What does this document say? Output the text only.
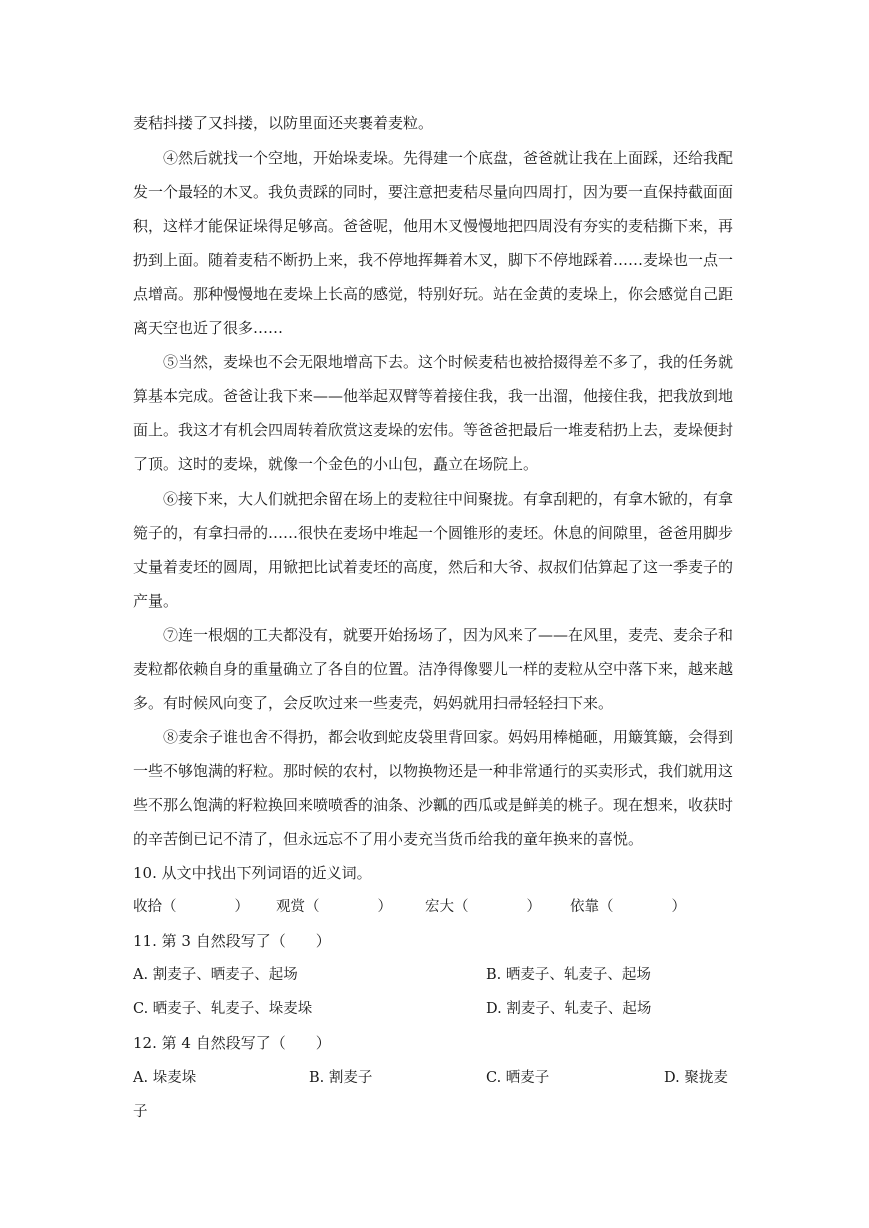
麦秸抖搂了又抖搂，以防里面还夹裹着麦粒。
④然后就找一个空地，开始垛麦垛。先得建一个底盘，爸爸就让我在上面踩，还给我配
发一个最轻的木叉。我负责踩的同时，要注意把麦秸尽量向四周打，因为要一直保持截面面
积，这样才能保证垛得足够高。爸爸呢，他用木叉慢慢地把四周没有夯实的麦秸撕下来，再
扔到上面。随着麦秸不断扔上来，我不停地挥舞着木叉，脚下不停地踩着……麦垛也一点一
点增高。那种慢慢地在麦垛上长高的感觉，特别好玩。站在金黄的麦垛上，你会感觉自己距
离天空也近了很多……
⑤当然，麦垛也不会无限地增高下去。这个时候麦秸也被拾掇得差不多了，我的任务就
算基本完成。爸爸让我下来——他举起双臂等着接住我，我一出溜，他接住我，把我放到地
面上。我这才有机会四周转着欣赏这麦垛的宏伟。等爸爸把最后一堆麦秸扔上去，麦垛便封
了顶。这时的麦垛，就像一个金色的小山包，矗立在场院上。
⑥接下来，大人们就把余留在场上的麦粒往中间聚拢。有拿刮耙的，有拿木锨的，有拿
箢子的，有拿扫帚的……很快在麦场中堆起一个圆锥形的麦坯。休息的间隙里，爸爸用脚步
丈量着麦坯的圆周，用锨把比试着麦坯的高度，然后和大爷、叔叔们估算起了这一季麦子的
产量。
⑦连一根烟的工夫都没有，就要开始扬场了，因为风来了——在风里，麦壳、麦余子和
麦粒都依赖自身的重量确立了各自的位置。洁净得像婴儿一样的麦粒从空中落下来，越来越
多。有时候风向变了，会反吹过来一些麦壳，妈妈就用扫帚轻轻扫下来。
⑧麦余子谁也舍不得扔，都会收到蛇皮袋里背回家。妈妈用棒槌砸，用簸箕簸，会得到
一些不够饱满的籽粒。那时候的农村，以物换物还是一种非常通行的买卖形式，我们就用这
些不那么饱满的籽粒换回来喷喷香的油条、沙瓤的西瓜或是鲜美的桃子。现在想来，收获时
的辛苦倒已记不清了，但永远忘不了用小麦充当货币给我的童年换来的喜悦。
10. 从文中找出下列词语的近义词。
收拾（　　　　） 观赏（　　　　） 宏大（　　　　） 依靠（　　　　）
11. 第 3 自然段写了（　　）
A. 割麦子、晒麦子、起场	B. 晒麦子、轧麦子、起场
C. 晒麦子、轧麦子、垛麦垛	D. 割麦子、轧麦子、起场
12. 第 4 自然段写了（　　）
A. 垛麦垛	B. 割麦子	C. 晒麦子	D. 聚拢麦
子
